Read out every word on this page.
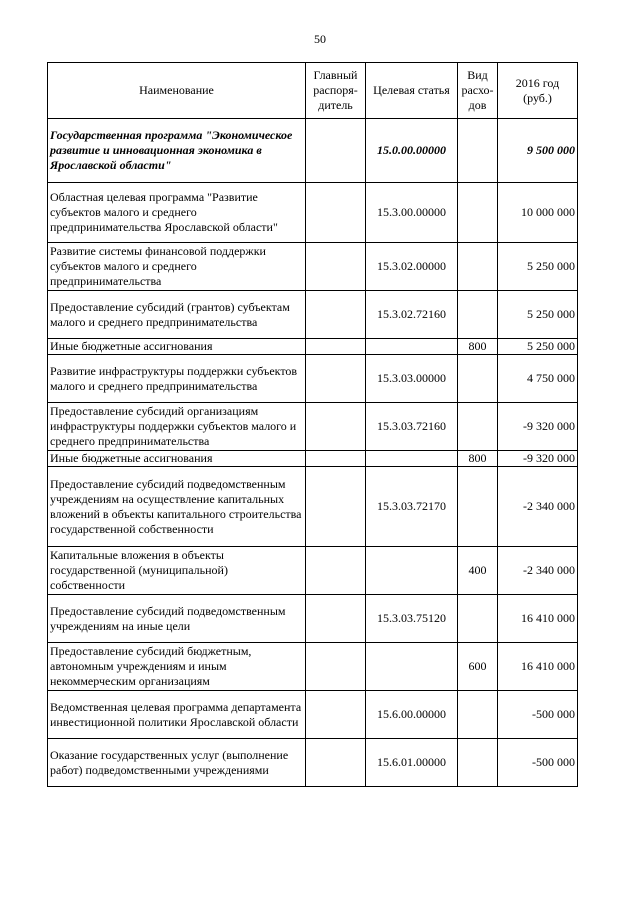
50
Наименование	Главный распоря-дитель	Целевая статья	Вид расхо-дов	2016 год (руб.)
Государственная программа "Экономическое развитие и инновационная экономика в Ярославской области"		15.0.00.00000		9 500 000
Областная целевая программа "Развитие субъектов малого и среднего предпринимательства Ярославской области"		15.3.00.00000		10 000 000
Развитие системы финансовой поддержки субъектов малого и среднего предпринимательства		15.3.02.00000		5 250 000
Предоставление субсидий (грантов) субъектам малого и среднего предпринимательства		15.3.02.72160		5 250 000
Иные бюджетные ассигнования			800	5 250 000
Развитие инфраструктуры поддержки субъектов малого и среднего предпринимательства		15.3.03.00000		4 750 000
Предоставление субсидий организациям инфраструктуры поддержки субъектов малого и среднего предпринимательства		15.3.03.72160		-9 320 000
Иные бюджетные ассигнования			800	-9 320 000
Предоставление субсидий подведомственным учреждениям на осуществление капитальных вложений в объекты капитального строительства государственной собственности		15.3.03.72170		-2 340 000
Капитальные вложения в объекты государственной (муниципальной) собственности			400	-2 340 000
Предоставление субсидий подведомственным учреждениям на иные цели		15.3.03.75120		16 410 000
Предоставление субсидий бюджетным, автономным учреждениям и иным некоммерческим организациям			600	16 410 000
Ведомственная целевая программа департамента инвестиционной политики Ярославской области		15.6.00.00000		-500 000
Оказание государственных услуг (выполнение работ) подведомственными учреждениями		15.6.01.00000		-500 000
